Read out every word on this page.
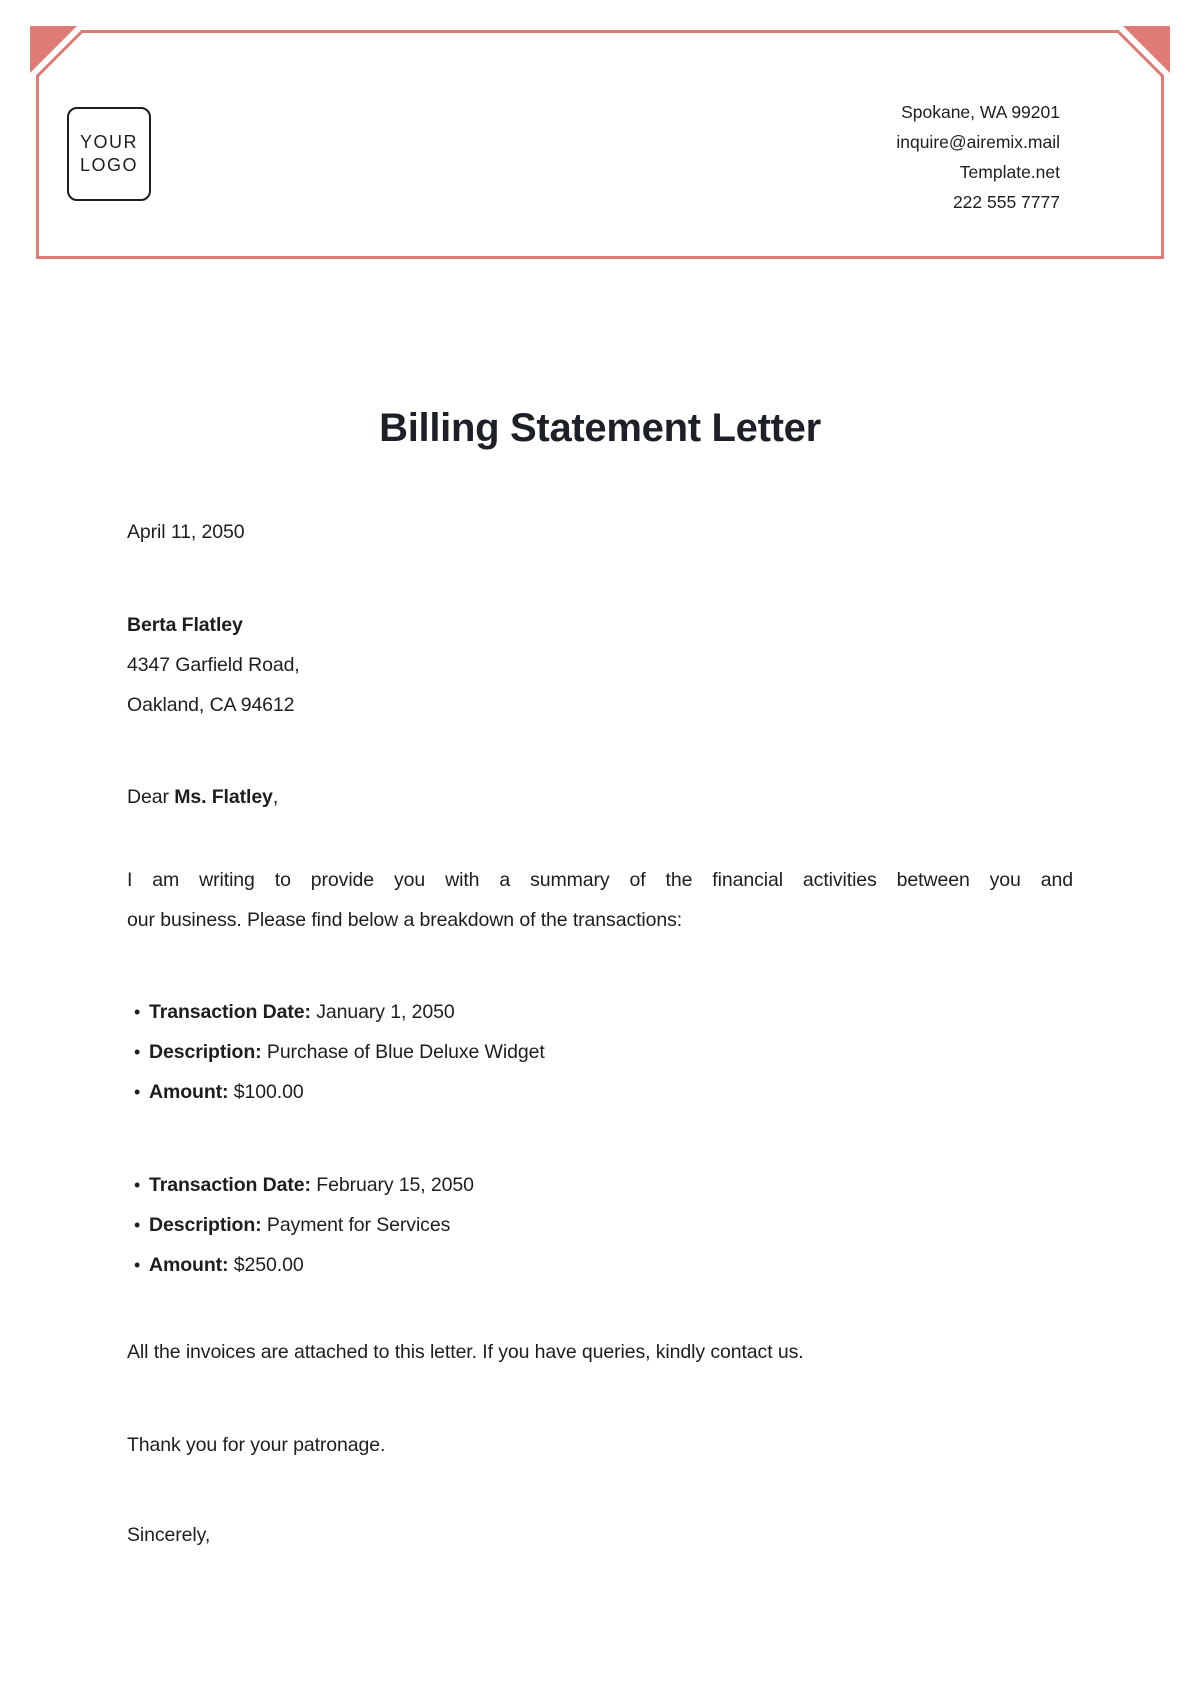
YOUR
LOGO
Spokane, WA 99201
inquire@airemix.mail
Template.net
222 555 7777
Billing Statement Letter
April 11, 2050
Berta Flatley
4347 Garfield Road,
Oakland, CA 94612
Dear Ms. Flatley,
I am writing to provide you with a summary of the financial activities between you and
our business. Please find below a breakdown of the transactions:
• Transaction Date: January 1, 2050
• Description: Purchase of Blue Deluxe Widget
• Amount: $100.00
• Transaction Date: February 15, 2050
• Description: Payment for Services
• Amount: $250.00
All the invoices are attached to this letter. If you have queries, kindly contact us.
Thank you for your patronage.
Sincerely,
